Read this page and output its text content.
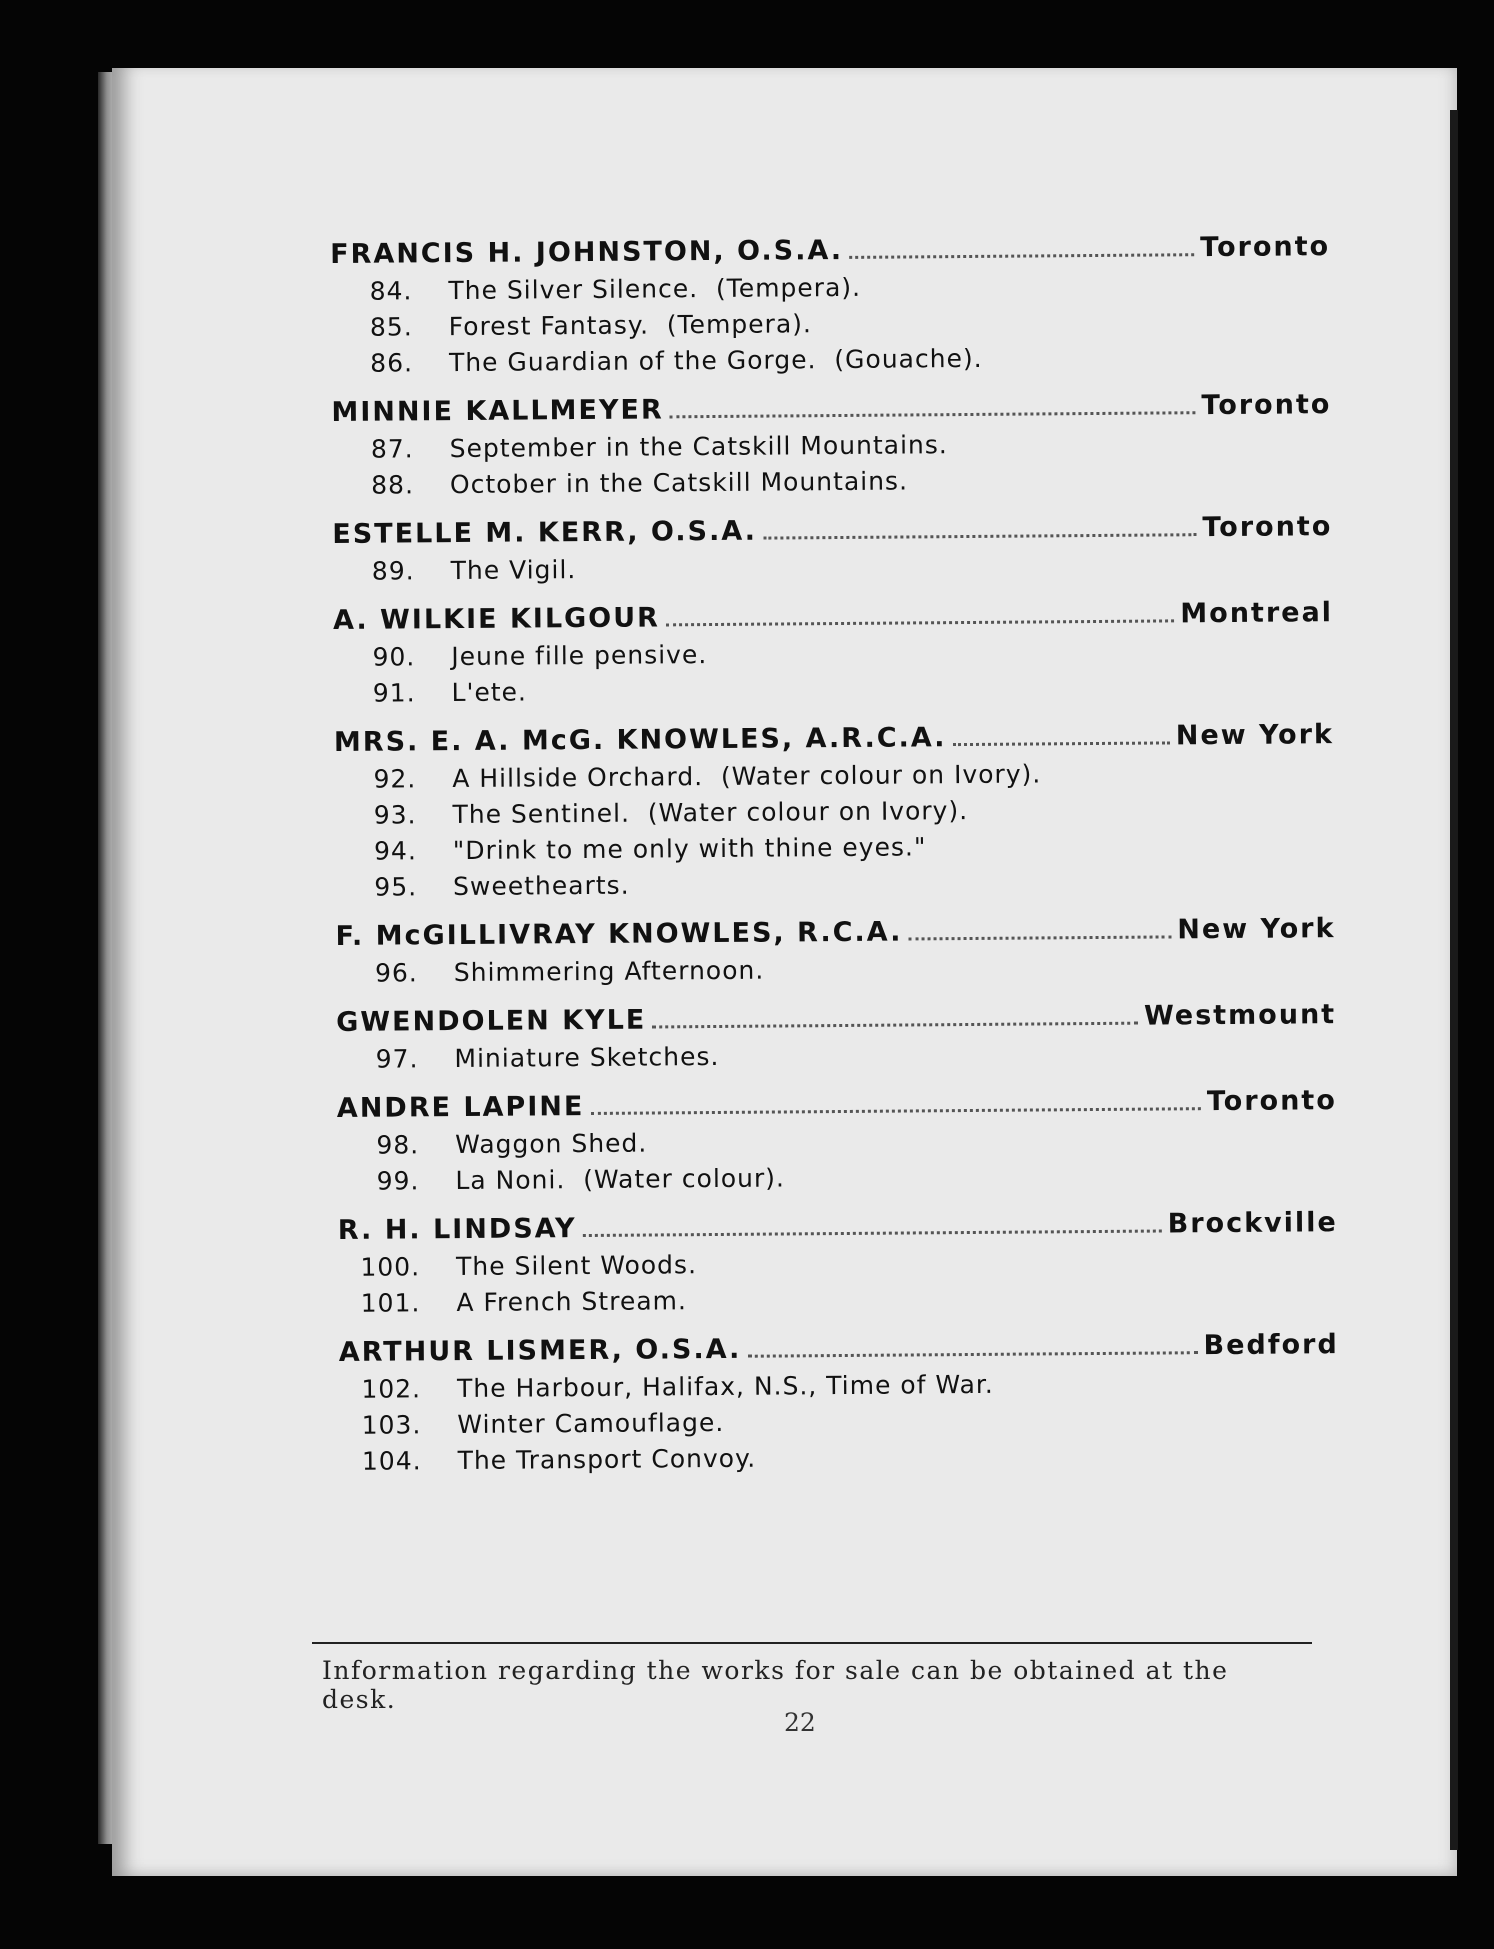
FRANCIS H. JOHNSTON, O.S.A.	Toronto
84.	The Silver Silence.  (Tempera).
85.	Forest Fantasy.  (Tempera).
86.	The Guardian of the Gorge.  (Gouache).
MINNIE KALLMEYER	Toronto
87.	September in the Catskill Mountains.
88.	October in the Catskill Mountains.
ESTELLE M. KERR, O.S.A.	Toronto
89.	The Vigil.
A. WILKIE KILGOUR	Montreal
90.	Jeune fille pensive.
91.	L'ete.
MRS. E. A. McG. KNOWLES, A.R.C.A.	New York
92.	A Hillside Orchard.  (Water colour on Ivory).
93.	The Sentinel.  (Water colour on Ivory).
94.	"Drink to me only with thine eyes."
95.	Sweethearts.
F. McGILLIVRAY KNOWLES, R.C.A.	New York
96.	Shimmering Afternoon.
GWENDOLEN KYLE	Westmount
97.	Miniature Sketches.
ANDRE LAPINE	Toronto
98.	Waggon Shed.
99.	La Noni.  (Water colour).
R. H. LINDSAY	Brockville
100.	The Silent Woods.
101.	A French Stream.
ARTHUR LISMER, O.S.A.	Bedford
102.	The Harbour, Halifax, N.S., Time of War.
103.	Winter Camouflage.
104.	The Transport Convoy.
Information regarding the works for sale can be obtained at the desk.
22
